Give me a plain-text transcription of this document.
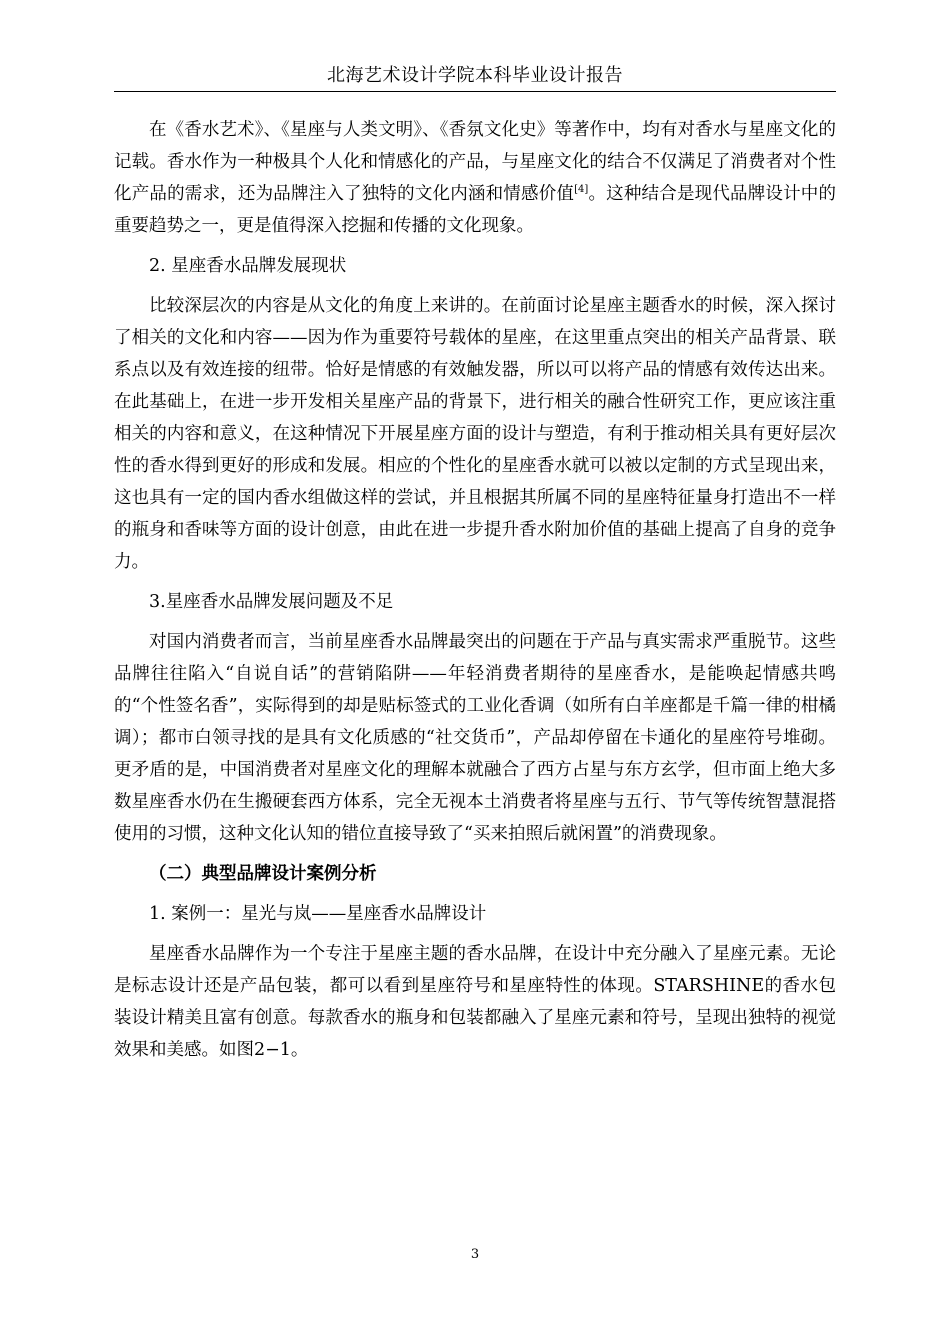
北海艺术设计学院本科毕业设计报告

在《香水艺术》、《星座与人类文明》、《香氛文化史》等著作中，均有对香水与星座文化的记载。香水作为一种极具个人化和情感化的产品，与星座文化的结合不仅满足了消费者对个性化产品的需求，还为品牌注入了独特的文化内涵和情感价值[4]。这种结合是现代品牌设计中的重要趋势之一，更是值得深入挖掘和传播的文化现象。

2. 星座香水品牌发展现状

比较深层次的内容是从文化的角度上来讲的。在前面讨论星座主题香水的时候，深入探讨了相关的文化和内容——因为作为重要符号载体的星座，在这里重点突出的相关产品背景、联系点以及有效连接的纽带。恰好是情感的有效触发器，所以可以将产品的情感有效传达出来。在此基础上，在进一步开发相关星座产品的背景下，进行相关的融合性研究工作，更应该注重相关的内容和意义，在这种情况下开展星座方面的设计与塑造，有利于推动相关具有更好层次性的香水得到更好的形成和发展。相应的个性化的星座香水就可以被以定制的方式呈现出来，这也具有一定的国内香水组做这样的尝试，并且根据其所属不同的星座特征量身打造出不一样的瓶身和香味等方面的设计创意，由此在进一步提升香水附加价值的基础上提高了自身的竞争力。

3.星座香水品牌发展问题及不足

对国内消费者而言，当前星座香水品牌最突出的问题在于产品与真实需求严重脱节。这些品牌往往陷入“自说自话”的营销陷阱——年轻消费者期待的星座香水，是能唤起情感共鸣的“个性签名香”，实际得到的却是贴标签式的工业化香调（如所有白羊座都是千篇一律的柑橘调）；都市白领寻找的是具有文化质感的“社交货币”，产品却停留在卡通化的星座符号堆砌。更矛盾的是，中国消费者对星座文化的理解本就融合了西方占星与东方玄学，但市面上绝大多数星座香水仍在生搬硬套西方体系，完全无视本土消费者将星座与五行、节气等传统智慧混搭使用的习惯，这种文化认知的错位直接导致了“买来拍照后就闲置”的消费现象。

（二）典型品牌设计案例分析

1. 案例一：星光与岚——星座香水品牌设计

星座香水品牌作为一个专注于星座主题的香水品牌，在设计中充分融入了星座元素。无论是标志设计还是产品包装，都可以看到星座符号和星座特性的体现。STARSHINE的香水包装设计精美且富有创意。每款香水的瓶身和包装都融入了星座元素和符号，呈现出独特的视觉效果和美感。如图2−1。

3
